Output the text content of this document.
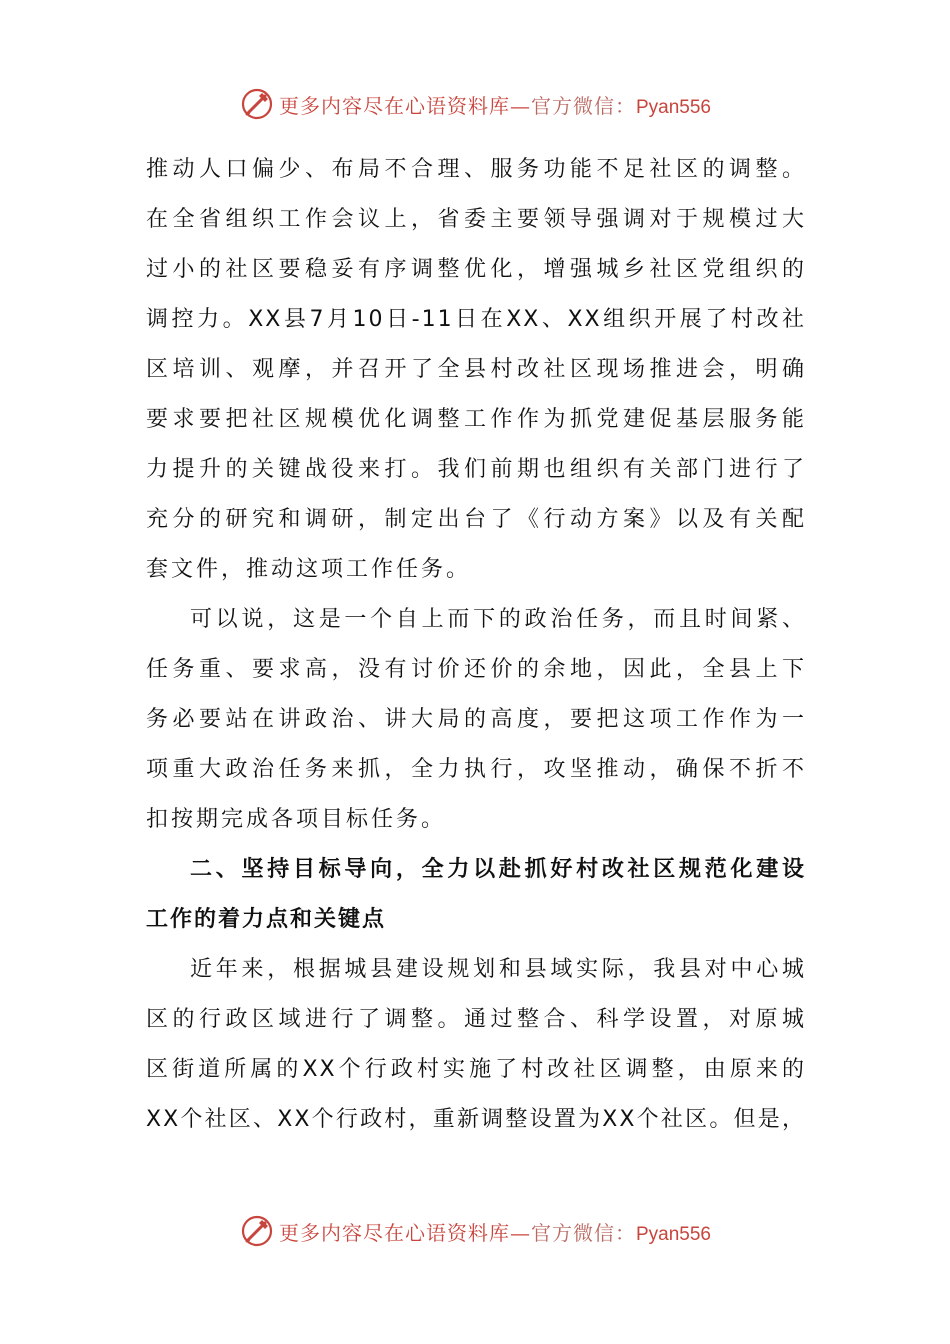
更多内容尽在心语资料库—官方微信：Pyan556
推动人口偏少、布局不合理、服务功能不足社区的调整。
在全省组织工作会议上，省委主要领导强调对于规模过大
过小的社区要稳妥有序调整优化，增强城乡社区党组织的
调控力。XX县7月10日-11日在XX、XX组织开展了村改社
区培训、观摩，并召开了全县村改社区现场推进会，明确
要求要把社区规模优化调整工作作为抓党建促基层服务能
力提升的关键战役来打。我们前期也组织有关部门进行了
充分的研究和调研，制定出台了《行动方案》以及有关配
套文件，推动这项工作任务。
可以说，这是一个自上而下的政治任务，而且时间紧、
任务重、要求高，没有讨价还价的余地，因此，全县上下
务必要站在讲政治、讲大局的高度，要把这项工作作为一
项重大政治任务来抓，全力执行，攻坚推动，确保不折不
扣按期完成各项目标任务。
二、坚持目标导向，全力以赴抓好村改社区规范化建设
工作的着力点和关键点
近年来，根据城县建设规划和县域实际，我县对中心城
区的行政区域进行了调整。通过整合、科学设置，对原城
区街道所属的XX个行政村实施了村改社区调整，由原来的
XX个社区、XX个行政村，重新调整设置为XX个社区。但是，
更多内容尽在心语资料库—官方微信：Pyan556
